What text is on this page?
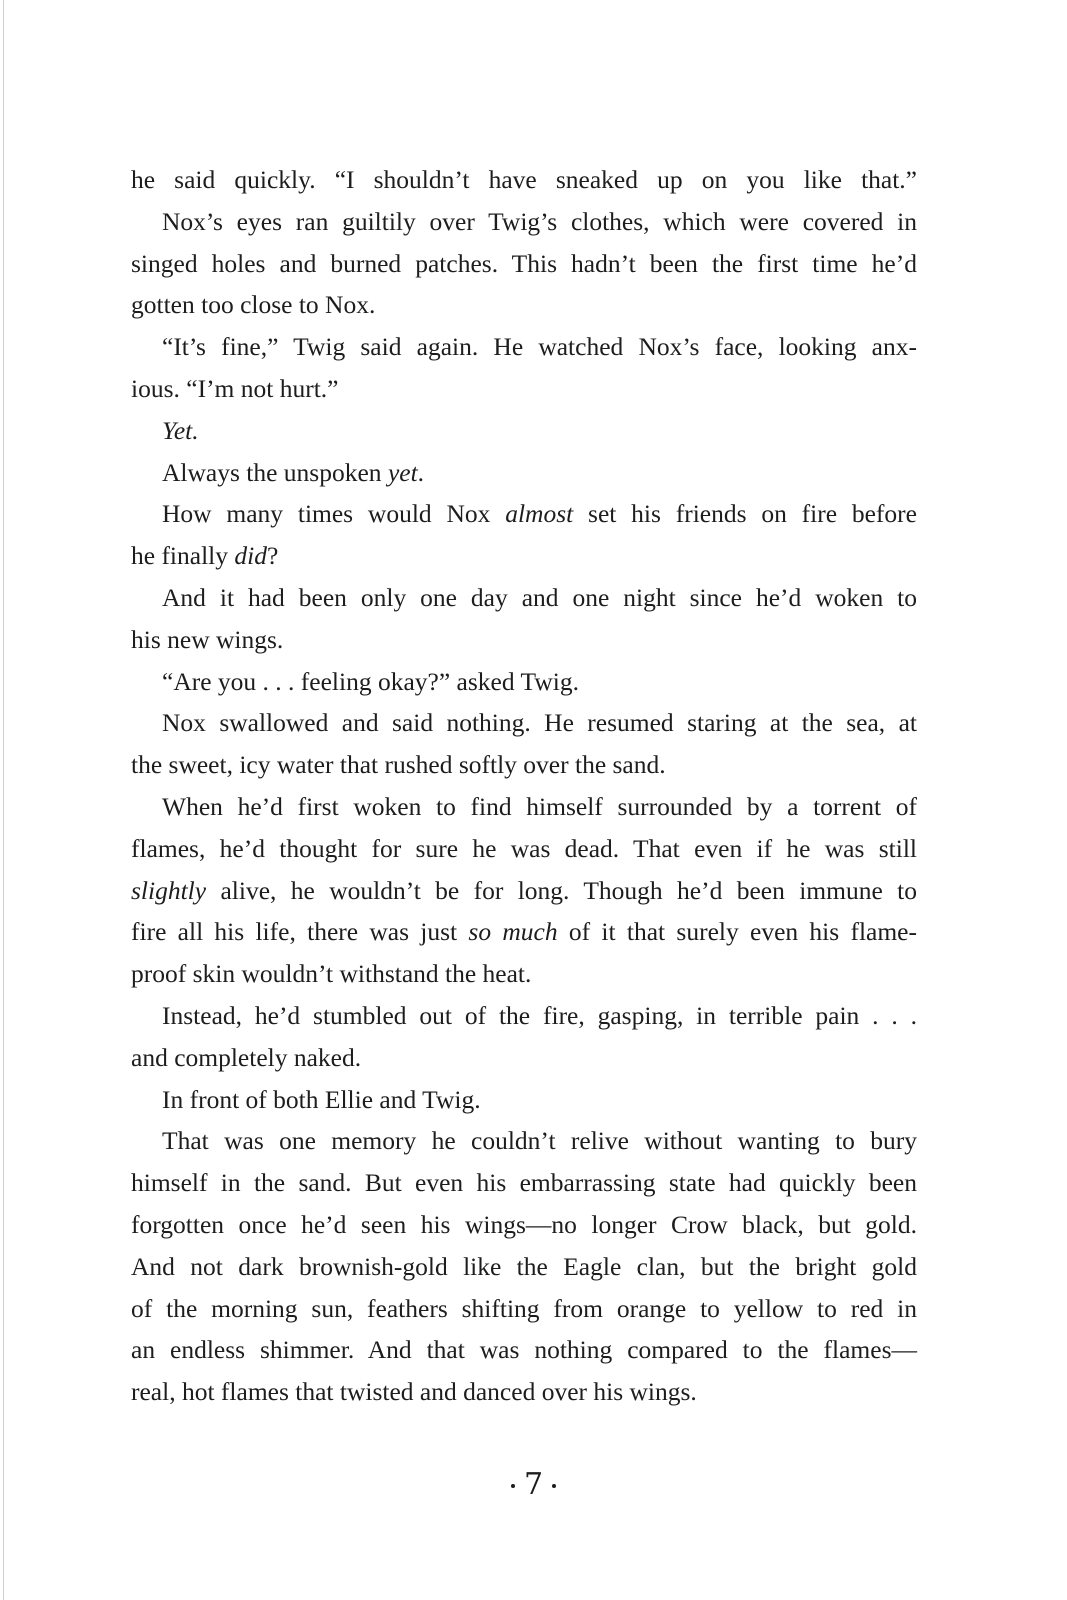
he said quickly. “I shouldn’t have sneaked up on you like that.”
Nox’s eyes ran guiltily over Twig’s clothes, which were covered in
singed holes and burned patches. This hadn’t been the first time he’d
gotten too close to Nox.
“It’s fine,” Twig said again. He watched Nox’s face, looking anx-
ious. “I’m not hurt.”
Yet.
Always the unspoken yet.
How many times would Nox almost set his friends on fire before
he finally did?
And it had been only one day and one night since he’d woken to
his new wings.
“Are you . . . feeling okay?” asked Twig.
Nox swallowed and said nothing. He resumed staring at the sea, at
the sweet, icy water that rushed softly over the sand.
When he’d first woken to find himself surrounded by a torrent of
flames, he’d thought for sure he was dead. That even if he was still
slightly alive, he wouldn’t be for long. Though he’d been immune to
fire all his life, there was just so much of it that surely even his flame-
proof skin wouldn’t withstand the heat.
Instead, he’d stumbled out of the fire, gasping, in terrible pain . . .
and completely naked.
In front of both Ellie and Twig.
That was one memory he couldn’t relive without wanting to bury
himself in the sand. But even his embarrassing state had quickly been
forgotten once he’d seen his wings—no longer Crow black, but gold.
And not dark brownish-gold like the Eagle clan, but the bright gold
of the morning sun, feathers shifting from orange to yellow to red in
an endless shimmer. And that was nothing compared to the flames—
real, hot flames that twisted and danced over his wings.
7
